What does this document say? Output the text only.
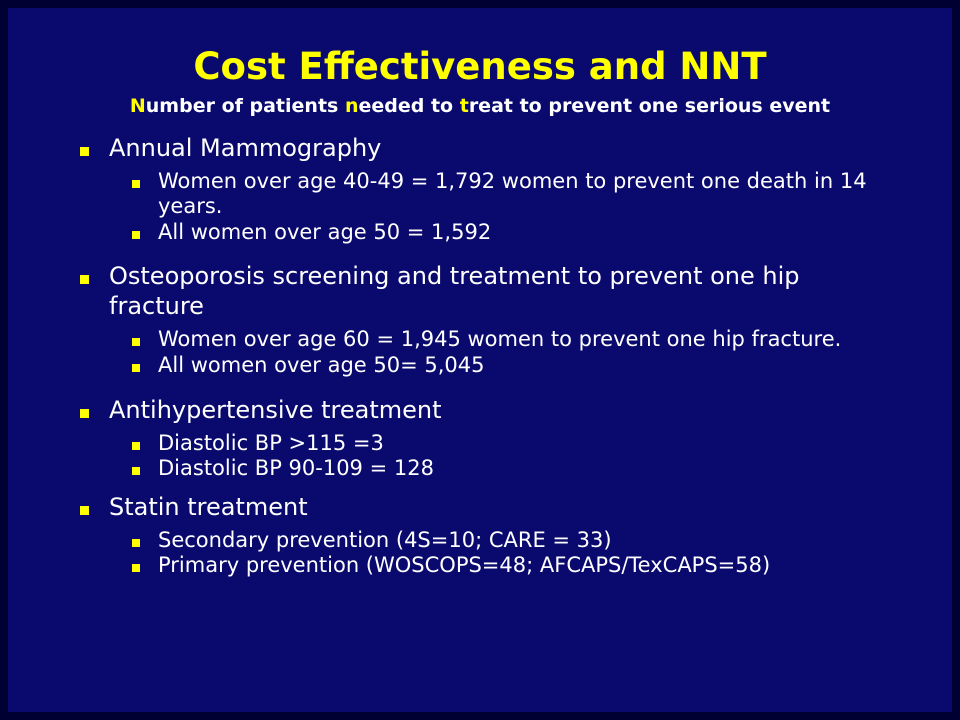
Cost Effectiveness and NNT
Number of patients needed to treat to prevent one serious event
Annual Mammography
Women over age 40-49 = 1,792 women to prevent one death in 14 years.
All women over age 50 = 1,592
Osteoporosis screening and treatment to prevent one hip fracture
Women over age 60 = 1,945 women to prevent one hip fracture.
All women over age 50= 5,045
Antihypertensive treatment
Diastolic BP >115 =3
Diastolic BP 90-109 = 128
Statin treatment
Secondary prevention (4S=10; CARE = 33)
Primary prevention (WOSCOPS=48; AFCAPS/TexCAPS=58)
